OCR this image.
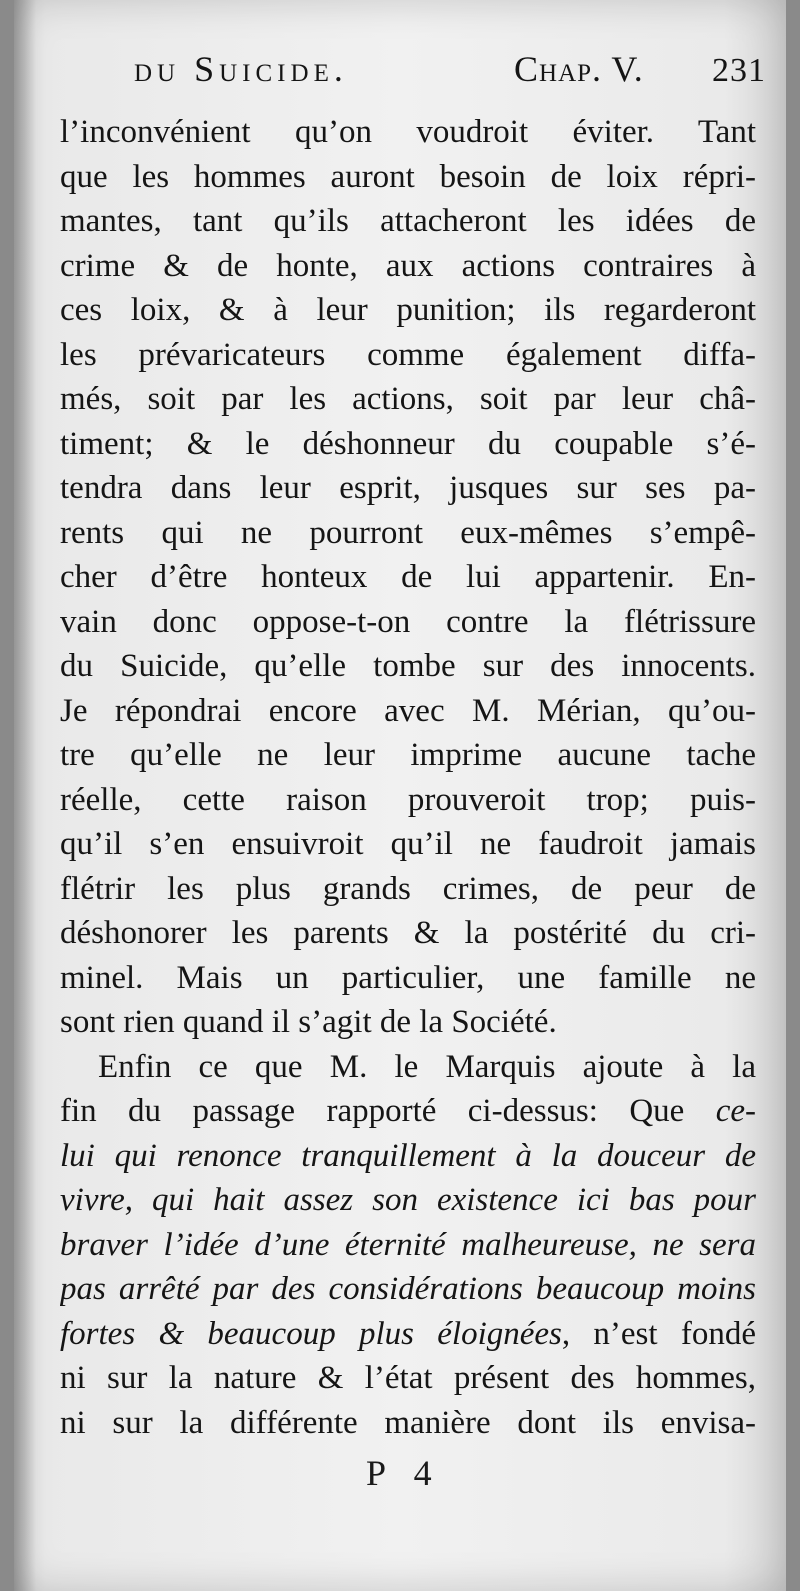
du Suicide.	Chap. V. 231
l’inconvénient qu’on voudroit éviter. Tant
que les hommes auront besoin de loix répri-
mantes, tant qu’ils attacheront les idées de
crime & de honte, aux actions contraires à
ces loix, & à leur punition; ils regarderont
les prévaricateurs comme également diffa-
més, soit par les actions, soit par leur châ-
timent; & le déshonneur du coupable s’é-
tendra dans leur esprit, jusques sur ses pa-
rents qui ne pourront eux-mêmes s’empê-
cher d’être honteux de lui appartenir. En-
vain donc oppose-t-on contre la flétrissure
du Suicide, qu’elle tombe sur des innocents.
Je répondrai encore avec M. Mérian, qu’ou-
tre qu’elle ne leur imprime aucune tache
réelle, cette raison prouveroit trop; puis-
qu’il s’en ensuivroit qu’il ne faudroit jamais
flétrir les plus grands crimes, de peur de
déshonorer les parents & la postérité du cri-
minel. Mais un particulier, une famille ne
sont rien quand il s’agit de la Société.
Enfin ce que M. le Marquis ajoute à la
fin du passage rapporté ci-dessus: Que ce-
lui qui renonce tranquillement à la douceur de
vivre, qui hait assez son existence ici bas pour
braver l’idée d’une éternité malheureuse, ne sera
pas arrêté par des considérations beaucoup moins
fortes & beaucoup plus éloignées, n’est fondé
ni sur la nature & l’état présent des hommes,
ni sur la différente manière dont ils envisa-
P 4
